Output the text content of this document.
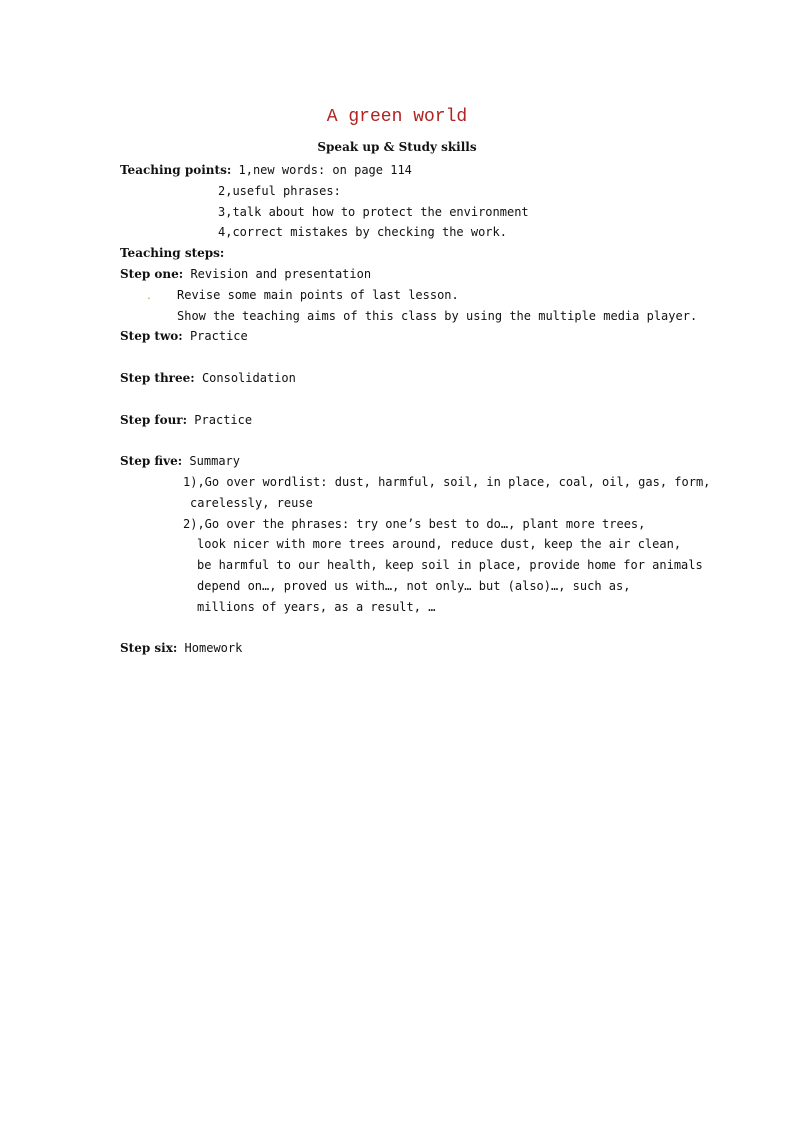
A green world
Speak up & Study skills
Teaching points: 1,new words: on page 114
2,useful phrases:
3,talk about how to protect the environment
4,correct mistakes by checking the work.
Teaching steps:
Step one: Revision and presentation
. Revise some main points of last lesson.
Show the teaching aims of this class by using the multiple media player.
Step two: Practice
Step three: Consolidation
Step four: Practice
Step five: Summary
1),Go over wordlist: dust, harmful, soil, in place, coal, oil, gas, form,
carelessly, reuse
2),Go over the phrases: try one’s best to do…, plant more trees,
look nicer with more trees around, reduce dust, keep the air clean,
be harmful to our health, keep soil in place, provide home for animals
depend on…, proved us with…, not only… but (also)…, such as,
millions of years, as a result, …
Step six: Homework
